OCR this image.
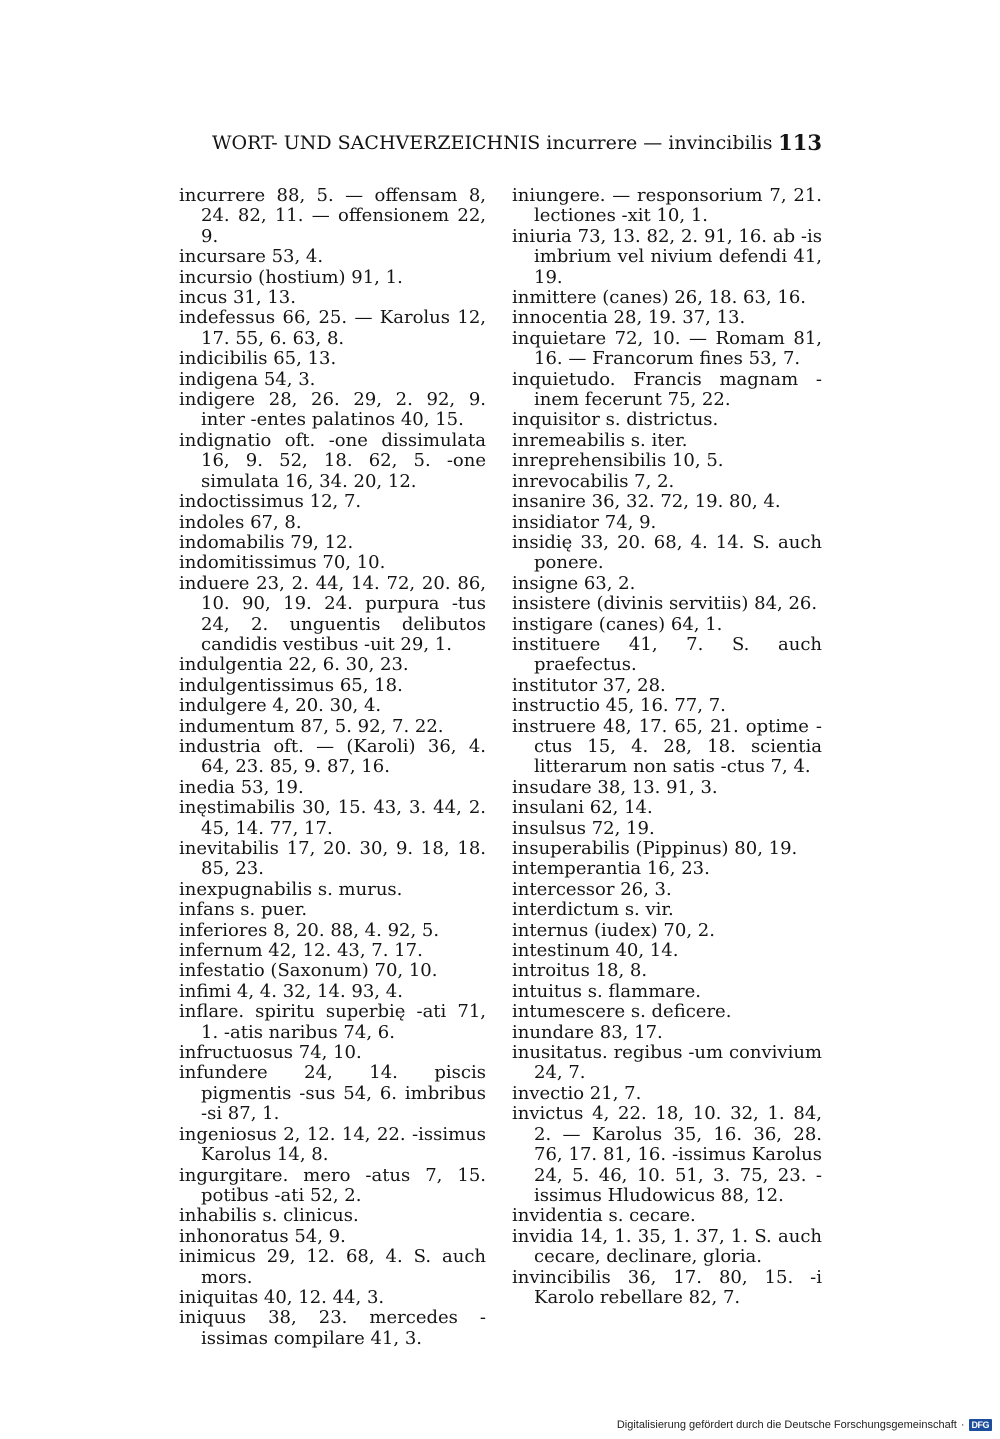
WORT- UND SACHVERZEICHNIS incurrere — invincibilis 113

incurrere 88, 5. — offensam 8, 24. 82, 11. — offensionem 22, 9.

incursare 53, 4.

incursio (hostium) 91, 1.

incus 31, 13.

indefessus 66, 25. — Karolus 12, 17. 55, 6. 63, 8.

indicibilis 65, 13.

indigena 54, 3.

indigere 28, 26. 29, 2. 92, 9. inter -entes palatinos 40, 15.

indignatio oft. -one dissimulata 16, 9. 52, 18. 62, 5. -one simulata 16, 34. 20, 12.

indoctissimus 12, 7.

indoles 67, 8.

indomabilis 79, 12.

indomitissimus 70, 10.

induere 23, 2. 44, 14. 72, 20. 86, 10. 90, 19. 24. purpura -tus 24, 2. unguentis delibutos candidis vestibus -uit 29, 1.

indulgentia 22, 6. 30, 23.

indulgentissimus 65, 18.

indulgere 4, 20. 30, 4.

indumentum 87, 5. 92, 7. 22.

industria oft. — (Karoli) 36, 4. 64, 23. 85, 9. 87, 16.

inedia 53, 19.

inęstimabilis 30, 15. 43, 3. 44, 2. 45, 14. 77, 17.

inevitabilis 17, 20. 30, 9. 18, 18. 85, 23.

inexpugnabilis s. murus.

infans s. puer.

inferiores 8, 20. 88, 4. 92, 5.

infernum 42, 12. 43, 7. 17.

infestatio (Saxonum) 70, 10.

infimi 4, 4. 32, 14. 93, 4.

inflare. spiritu superbię -ati 71, 1. -atis naribus 74, 6.

infructuosus 74, 10.

infundere 24, 14. piscis pigmentis -sus 54, 6. imbribus -si 87, 1.

ingeniosus 2, 12. 14, 22. -issimus Karolus 14, 8.

ingurgitare. mero -atus 7, 15. potibus -ati 52, 2.

inhabilis s. clinicus.

inhonoratus 54, 9.

inimicus 29, 12. 68, 4. S. auch mors.

iniquitas 40, 12. 44, 3.

iniquus 38, 23. mercedes -issimas compilare 41, 3.

iniungere. — responsorium 7, 21. lectiones -xit 10, 1.

iniuria 73, 13. 82, 2. 91, 16. ab -is imbrium vel nivium defendi 41, 19.

inmittere (canes) 26, 18. 63, 16.

innocentia 28, 19. 37, 13.

inquietare 72, 10. — Romam 81, 16. — Francorum fines 53, 7.

inquietudo. Francis magnam -inem fecerunt 75, 22.

inquisitor s. districtus.

inremeabilis s. iter.

inreprehensibilis 10, 5.

inrevocabilis 7, 2.

insanire 36, 32. 72, 19. 80, 4.

insidiator 74, 9.

insidię 33, 20. 68, 4. 14. S. auch ponere.

insigne 63, 2.

insistere (divinis servitiis) 84, 26.

instigare (canes) 64, 1.

instituere 41, 7. S. auch praefectus.

institutor 37, 28.

instructio 45, 16. 77, 7.

instruere 48, 17. 65, 21. optime -ctus 15, 4. 28, 18. scientia litterarum non satis -ctus 7, 4.

insudare 38, 13. 91, 3.

insulani 62, 14.

insulsus 72, 19.

insuperabilis (Pippinus) 80, 19.

intemperantia 16, 23.

intercessor 26, 3.

interdictum s. vir.

internus (iudex) 70, 2.

intestinum 40, 14.

introitus 18, 8.

intuitus s. flammare.

intumescere s. deficere.

inundare 83, 17.

inusitatus. regibus -um convivium 24, 7.

invectio 21, 7.

invictus 4, 22. 18, 10. 32, 1. 84, 2. — Karolus 35, 16. 36, 28. 76, 17. 81, 16. -issimus Karolus 24, 5. 46, 10. 51, 3. 75, 23. -issimus Hludowicus 88, 12.

invidentia s. cecare.

invidia 14, 1. 35, 1. 37, 1. S. auch cecare, declinare, gloria.

invincibilis 36, 17. 80, 15. -i Karolo rebellare 82, 7.

Digitalisierung gefördert durch die Deutsche Forschungsgemeinschaft · DFG
